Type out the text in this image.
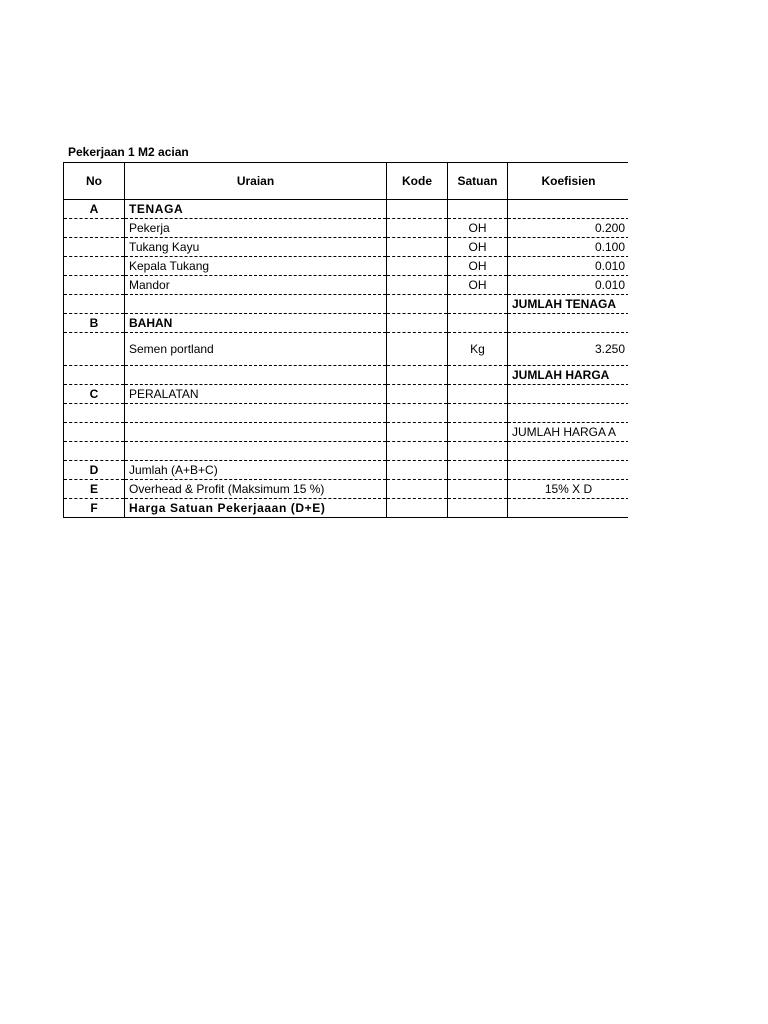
Pekerjaan 1 M2 acian
No	Uraian	Kode	Satuan	Koefisien	
A	TENAGA				
	Pekerja		OH	0.200	
	Tukang Kayu		OH	0.100	
	Kepala Tukang		OH	0.010	
	Mandor		OH	0.010	
				JUMLAH TENAGA	
B	BAHAN				
	Semen portland		Kg	3.250	
				JUMLAH HARGA	
C	PERALATAN				

				JUMLAH HARGA A	

D	Jumlah (A+B+C)				
E	Overhead & Profit (Maksimum 15 %)			15% X D	
F	Harga Satuan Pekerjaaan (D+E)				
